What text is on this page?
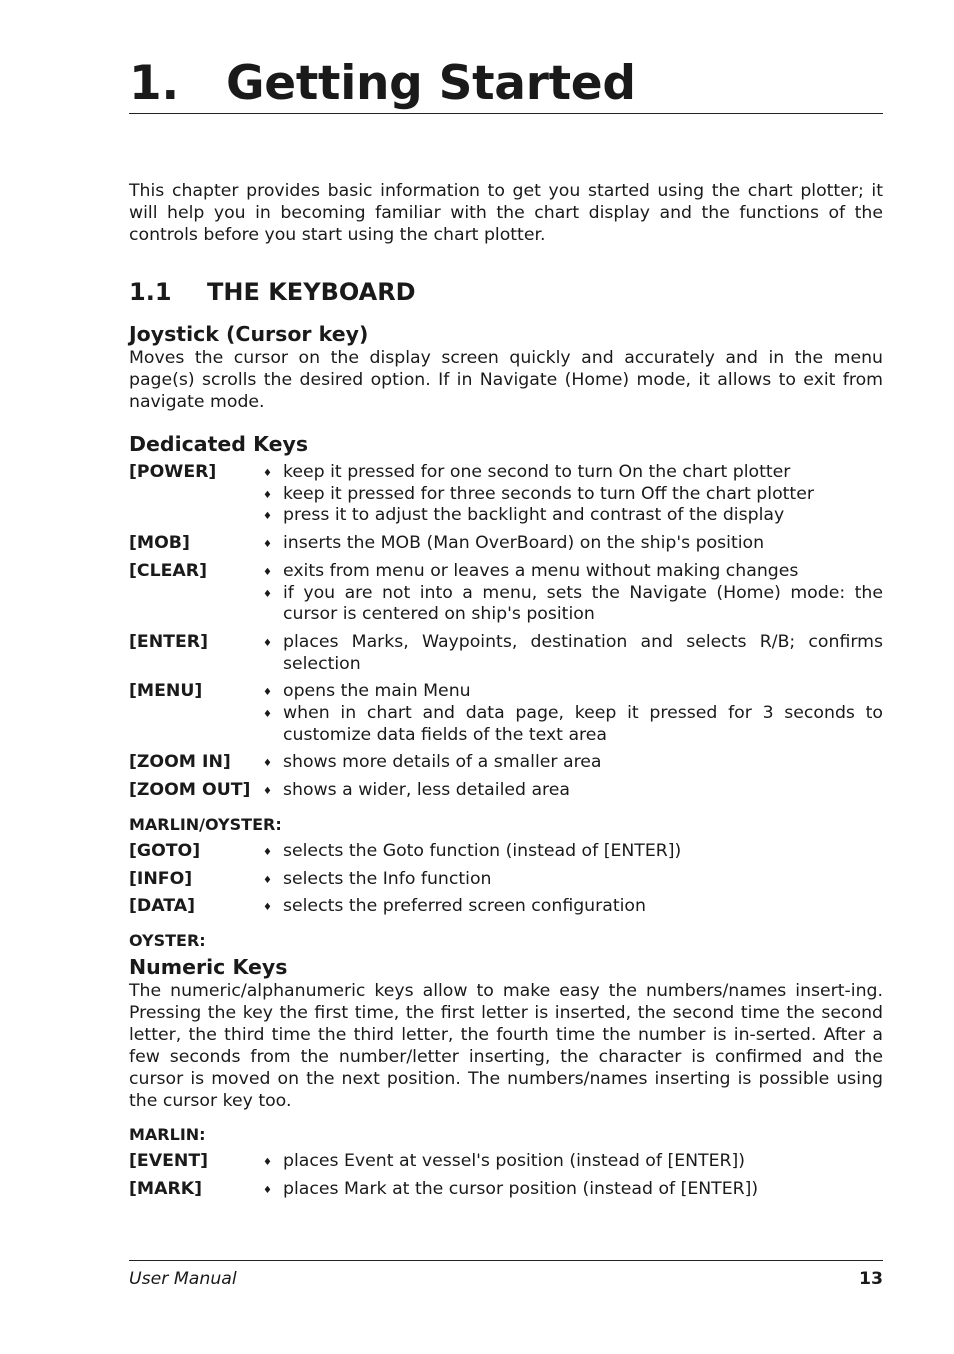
1. Getting Started

This chapter provides basic information to get you started using the chart plotter; it will help you in becoming familiar with the chart display and the functions of the controls before you start using the chart plotter.

1.1 THE KEYBOARD
Joystick (Cursor key)

Moves the cursor on the display screen quickly and accurately and in the menu page(s) scrolls the desired option. If in Navigate (Home) mode, it allows to exit from navigate mode.

Dedicated Keys
[POWER]	♦ keep it pressed for one second to turn On the chart plotter
♦ keep it pressed for three seconds to turn Off the chart plotter
♦ press it to adjust the backlight and contrast of the display
[MOB]	♦ inserts the MOB (Man OverBoard) on the ship's position
[CLEAR]	♦ exits from menu or leaves a menu without making changes
♦ if you are not into a menu, sets the Navigate (Home) mode: the cursor is centered on ship's position
[ENTER]	♦ places Marks, Waypoints, destination and selects R/B; confirms selection
[MENU]	♦ opens the main Menu
♦ when in chart and data page, keep it pressed for 3 seconds to customize data fields of the text area
[ZOOM IN]	♦ shows more details of a smaller area
[ZOOM OUT]	♦ shows a wider, less detailed area
MARLIN/OYSTER:
[GOTO]	♦ selects the Goto function (instead of [ENTER])
[INFO]	♦ selects the Info function
[DATA]	♦ selects the preferred screen configuration
OYSTER:
Numeric Keys

The numeric/alphanumeric keys allow to make easy the numbers/names insert-ing. Pressing the key the first time, the first letter is inserted, the second time the second letter, the third time the third letter, the fourth time the number is in-serted. After a few seconds from the number/letter inserting, the character is confirmed and the cursor is moved on the next position. The numbers/names inserting is possible using the cursor key too.

MARLIN:
[EVENT]	♦ places Event at vessel's position (instead of [ENTER])
[MARK]	♦ places Mark at the cursor position (instead of [ENTER])
User Manual	13
